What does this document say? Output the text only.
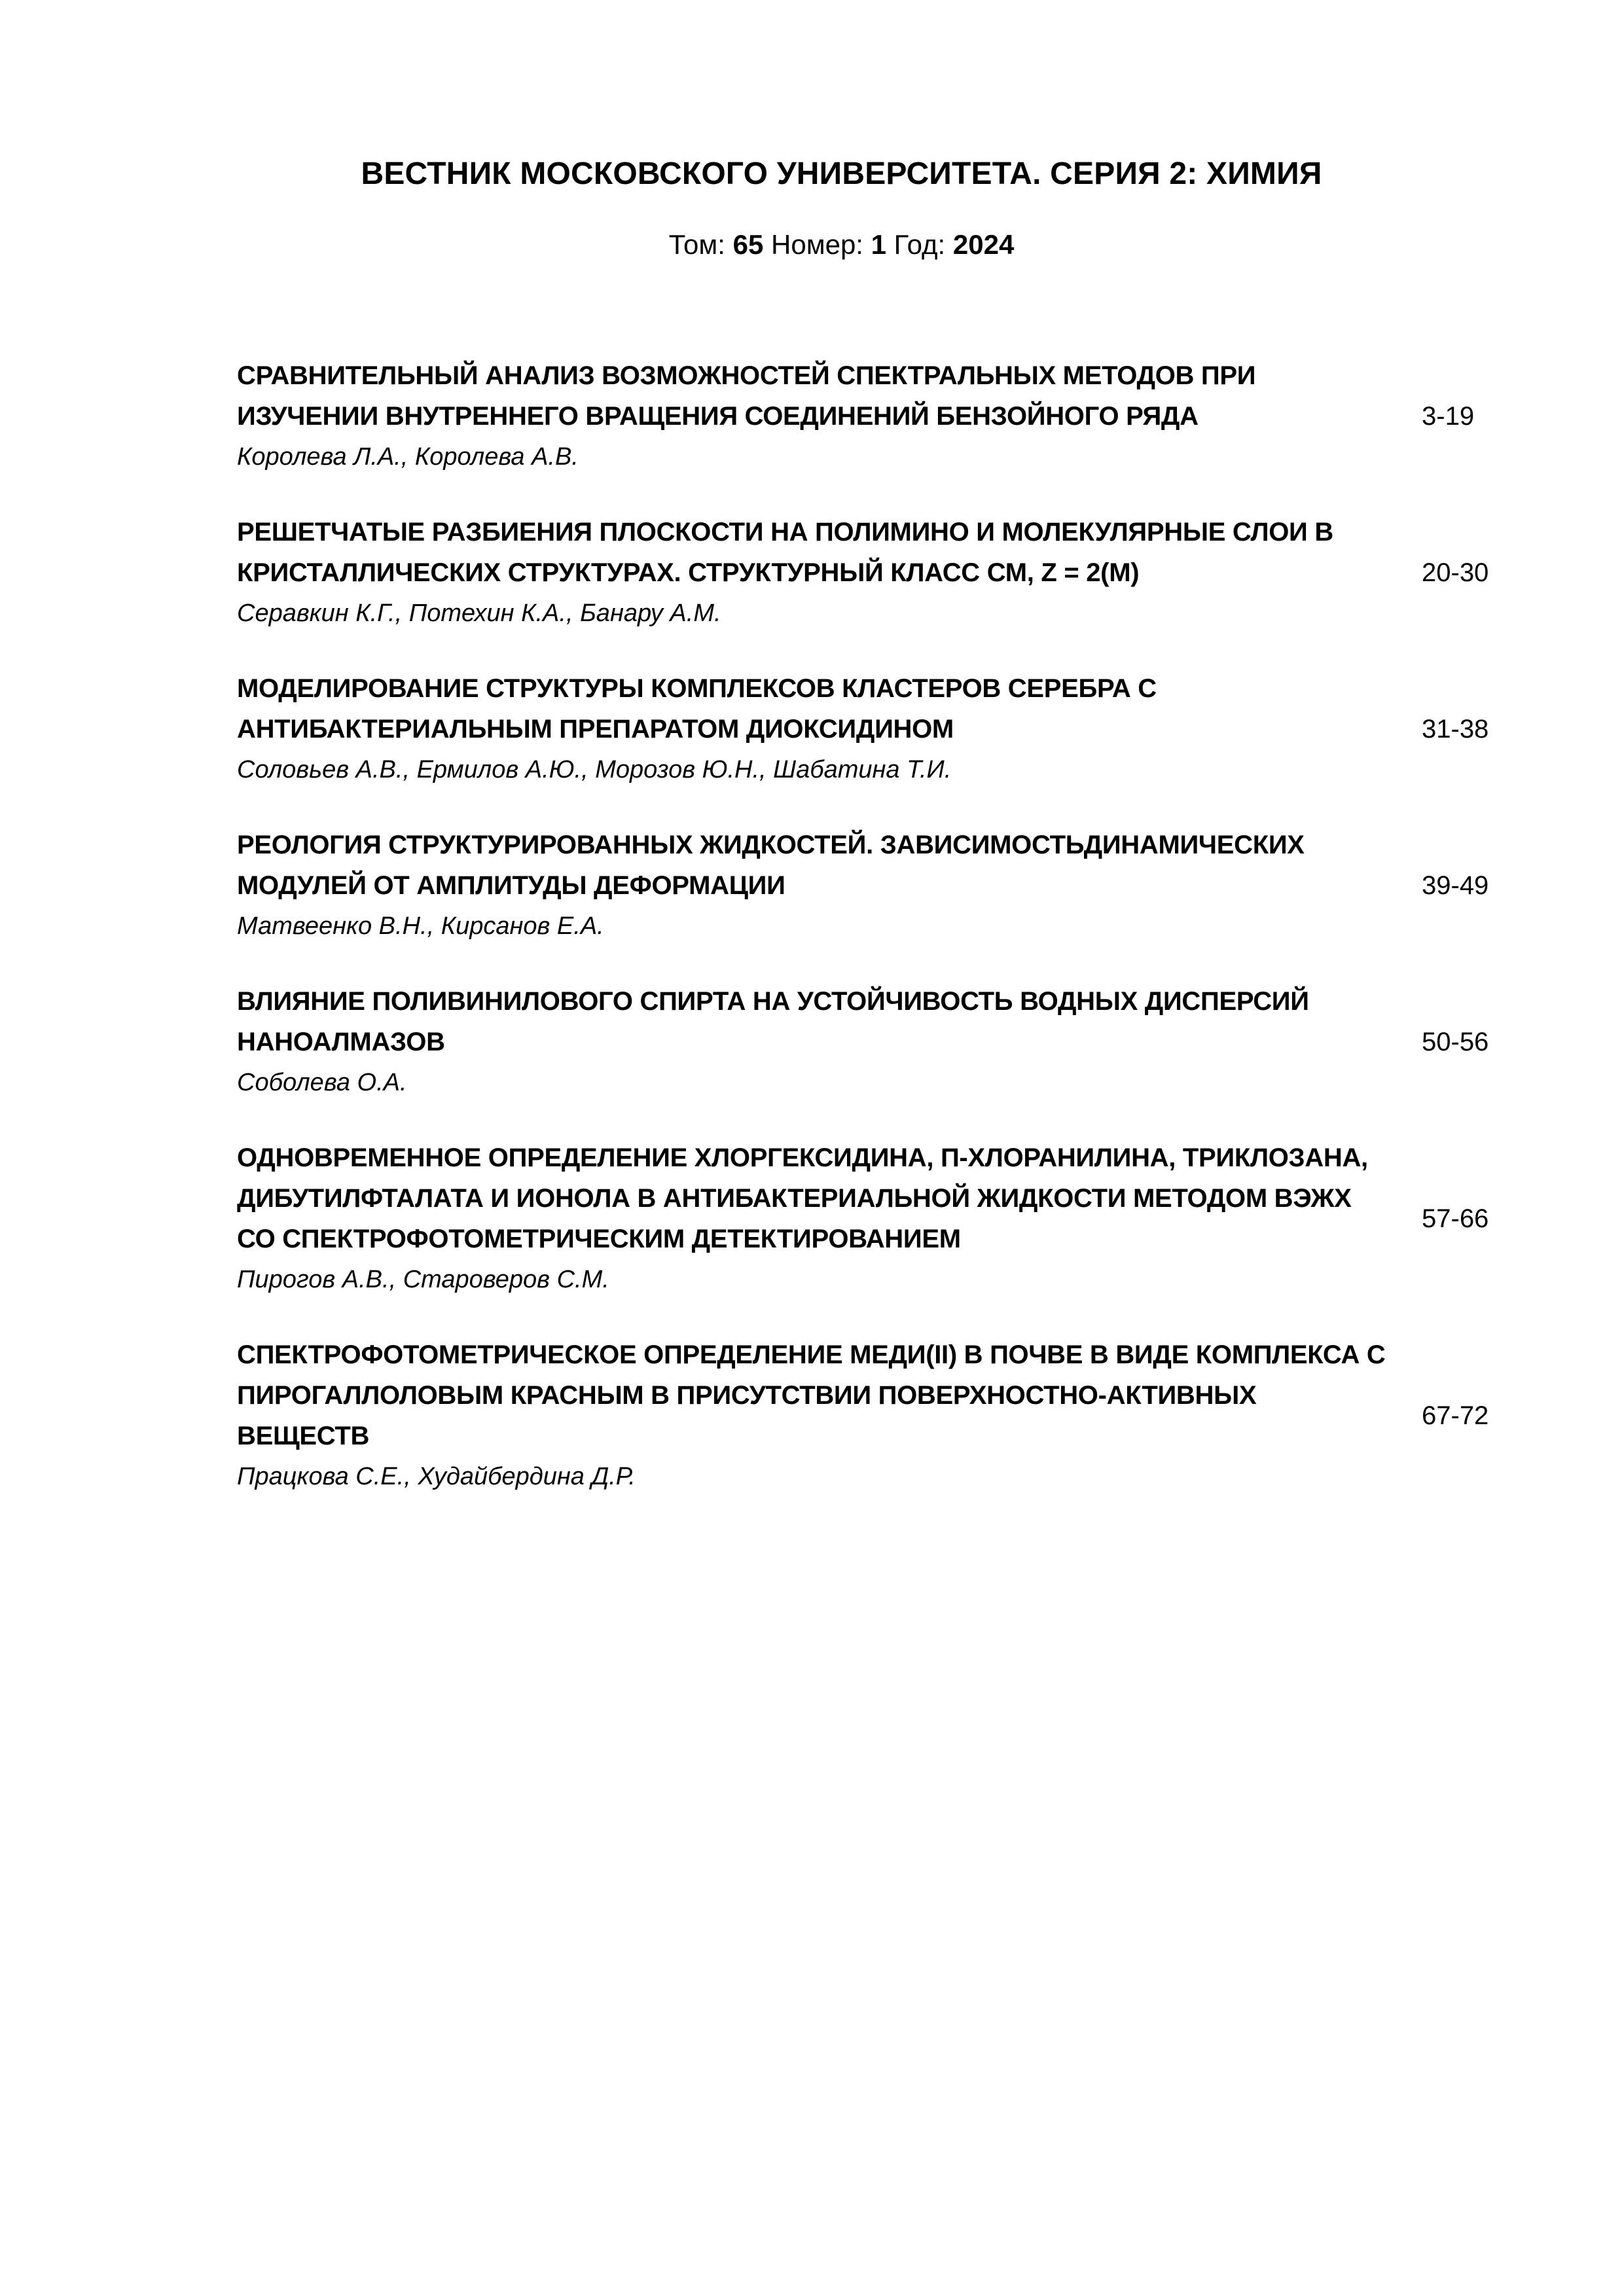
ВЕСТНИК МОСКОВСКОГО УНИВЕРСИТЕТА. СЕРИЯ 2: ХИМИЯ
Том: 65 Номер: 1 Год: 2024
СРАВНИТЕЛЬНЫЙ АНАЛИЗ ВОЗМОЖНОСТЕЙ СПЕКТРАЛЬНЫХ МЕТОДОВ ПРИ ИЗУЧЕНИИ ВНУТРЕННЕГО ВРАЩЕНИЯ СОЕДИНЕНИЙ БЕНЗОЙНОГО РЯДА
Королева Л.А., Королева А.В.
3-19
РЕШЕТЧАТЫЕ РАЗБИЕНИЯ ПЛОСКОСТИ НА ПОЛИМИНО И МОЛЕКУЛЯРНЫЕ СЛОИ В КРИСТАЛЛИЧЕСКИХ СТРУКТУРАХ. СТРУКТУРНЫЙ КЛАСС СМ, Z = 2(М)
Серавкин К.Г., Потехин К.А., Банару А.М.
20-30
МОДЕЛИРОВАНИЕ СТРУКТУРЫ КОМПЛЕКСОВ КЛАСТЕРОВ СЕРЕБРА С АНТИБАКТЕРИАЛЬНЫМ ПРЕПАРАТОМ ДИОКСИДИНОМ
Соловьев А.В., Ермилов А.Ю., Морозов Ю.Н., Шабатина Т.И.
31-38
РЕОЛОГИЯ СТРУКТУРИРОВАННЫХ ЖИДКОСТЕЙ. ЗАВИСИМОСТЬДИНАМИЧЕСКИХ МОДУЛЕЙ ОТ АМПЛИТУДЫ ДЕФОРМАЦИИ
Матвеенко В.Н., Кирсанов Е.А.
39-49
ВЛИЯНИЕ ПОЛИВИНИЛОВОГО СПИРТА НА УСТОЙЧИВОСТЬ ВОДНЫХ ДИСПЕРСИЙ НАНОАЛМАЗОВ
Соболева О.А.
50-56
ОДНОВРЕМЕННОЕ ОПРЕДЕЛЕНИЕ ХЛОРГЕКСИДИНА, П-ХЛОРАНИЛИНА, ТРИКЛОЗАНА, ДИБУТИЛФТАЛАТА И ИОНОЛА В АНТИБАКТЕРИАЛЬНОЙ ЖИДКОСТИ МЕТОДОМ ВЭЖХ СО СПЕКТРОФОТОМЕТРИЧЕСКИМ ДЕТЕКТИРОВАНИЕМ
Пирогов А.В., Староверов С.М.
57-66
СПЕКТРОФОТОМЕТРИЧЕСКОЕ ОПРЕДЕЛЕНИЕ МЕДИ(II) В ПОЧВЕ В ВИДЕ КОМПЛЕКСА С ПИРОГАЛЛОЛОВЫМ КРАСНЫМ В ПРИСУТСТВИИ ПОВЕРХНОСТНО-АКТИВНЫХ ВЕЩЕСТВ
Працкова С.Е., Худайбердина Д.Р.
67-72
